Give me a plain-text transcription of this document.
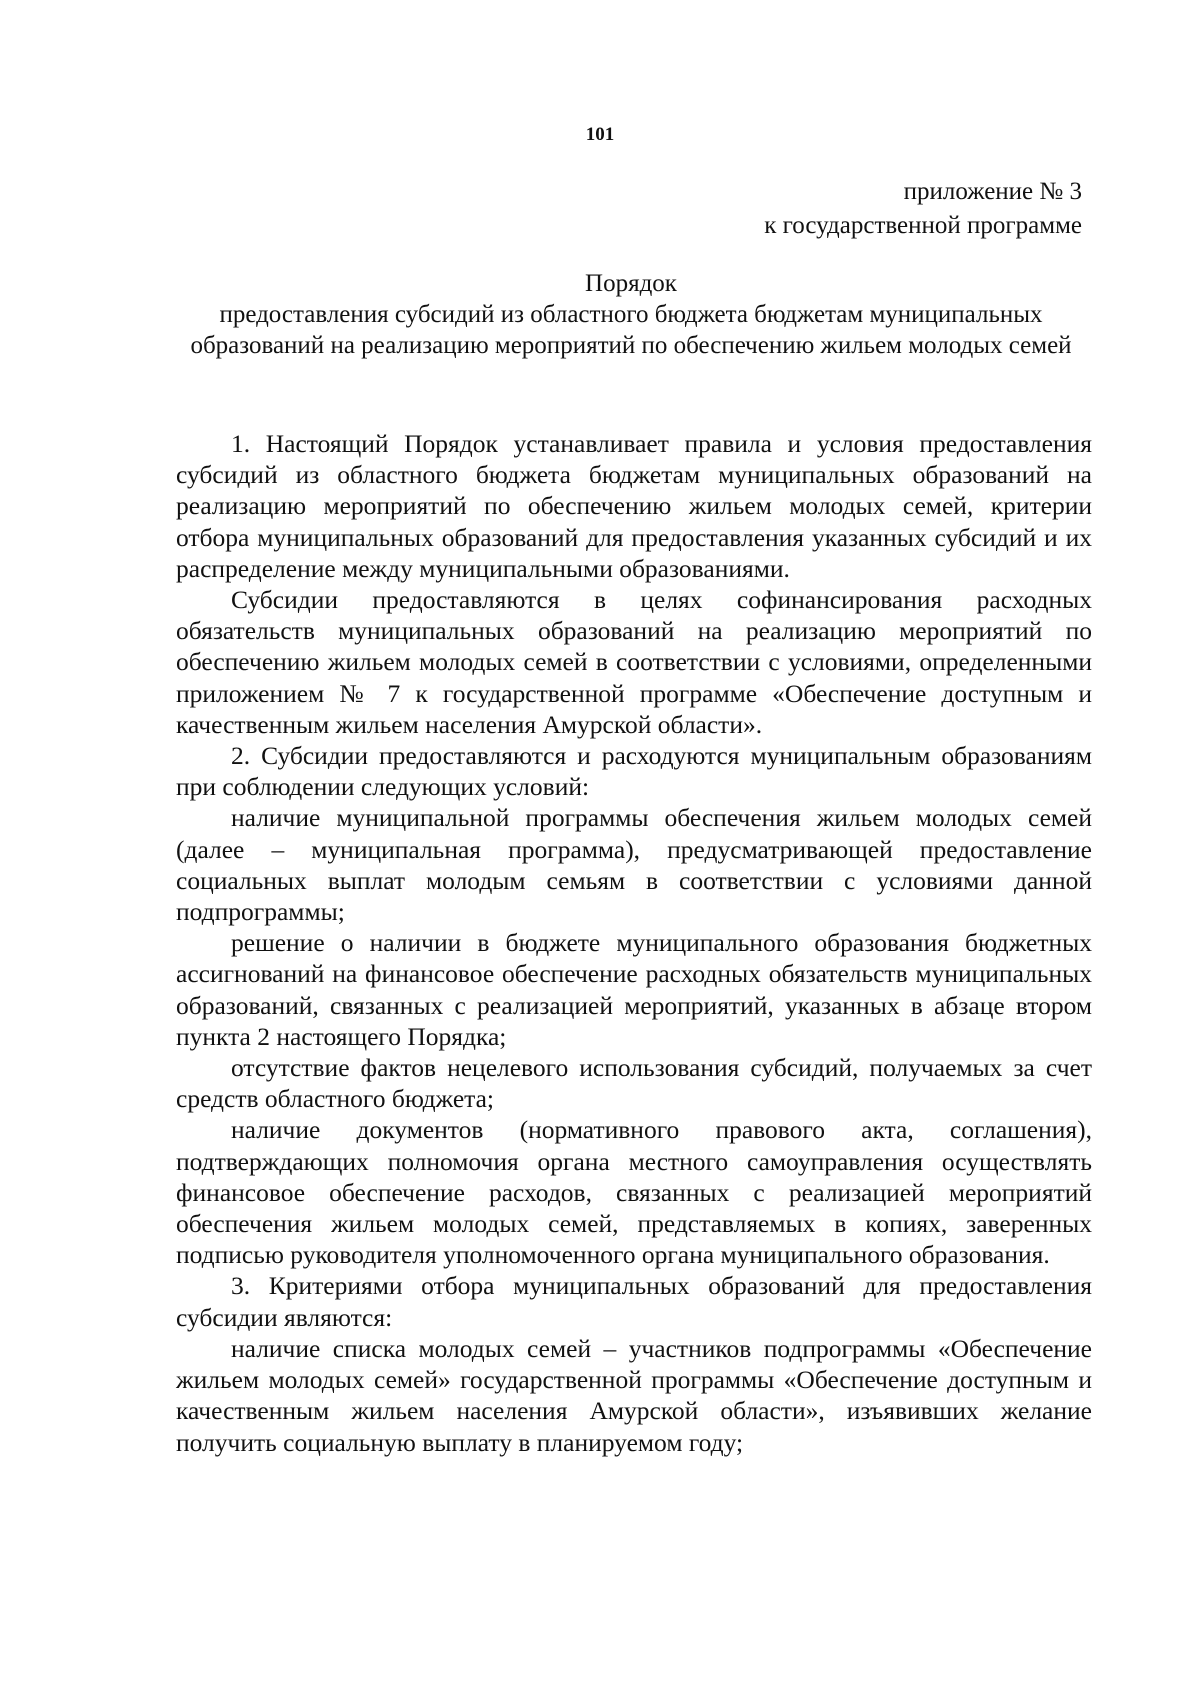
101
приложение № 3
к государственной программе
Порядок
предоставления субсидий из областного бюджета бюджетам муниципальных образований на реализацию мероприятий по обеспечению жильем молодых семей

1. Настоящий Порядок устанавливает правила и условия предоставления субсидий из областного бюджета бюджетам муниципальных образований на реализацию мероприятий по обеспечению жильем молодых семей, критерии отбора муниципальных образований для предоставления указанных субсидий и их распределение между муниципальными образованиями.

Субсидии предоставляются в целях софинансирования расходных обязательств муниципальных образований на реализацию мероприятий по обеспечению жильем молодых семей в соответствии с условиями, определенными приложением № 7 к государственной программе «Обеспечение доступным и качественным жильем населения Амурской области».

2. Субсидии предоставляются и расходуются муниципальным образованиям при соблюдении следующих условий:

наличие муниципальной программы обеспечения жильем молодых семей (далее – муниципальная программа), предусматривающей предоставление социальных выплат молодым семьям в соответствии с условиями данной подпрограммы;

решение о наличии в бюджете муниципального образования бюджетных ассигнований на финансовое обеспечение расходных обязательств муниципальных образований, связанных с реализацией мероприятий, указанных в абзаце втором пункта 2 настоящего Порядка;

отсутствие фактов нецелевого использования субсидий, получаемых за счет средств областного бюджета;

наличие документов (нормативного правового акта, соглашения), подтверждающих полномочия органа местного самоуправления осуществлять финансовое обеспечение расходов, связанных с реализацией мероприятий обеспечения жильем молодых семей, представляемых в копиях, заверенных подписью руководителя уполномоченного органа муниципального образования.

3. Критериями отбора муниципальных образований для предоставления субсидии являются:

наличие списка молодых семей – участников подпрограммы «Обеспечение жильем молодых семей» государственной программы «Обеспечение доступным и качественным жильем населения Амурской области», изъявивших желание получить социальную выплату в планируемом году;
